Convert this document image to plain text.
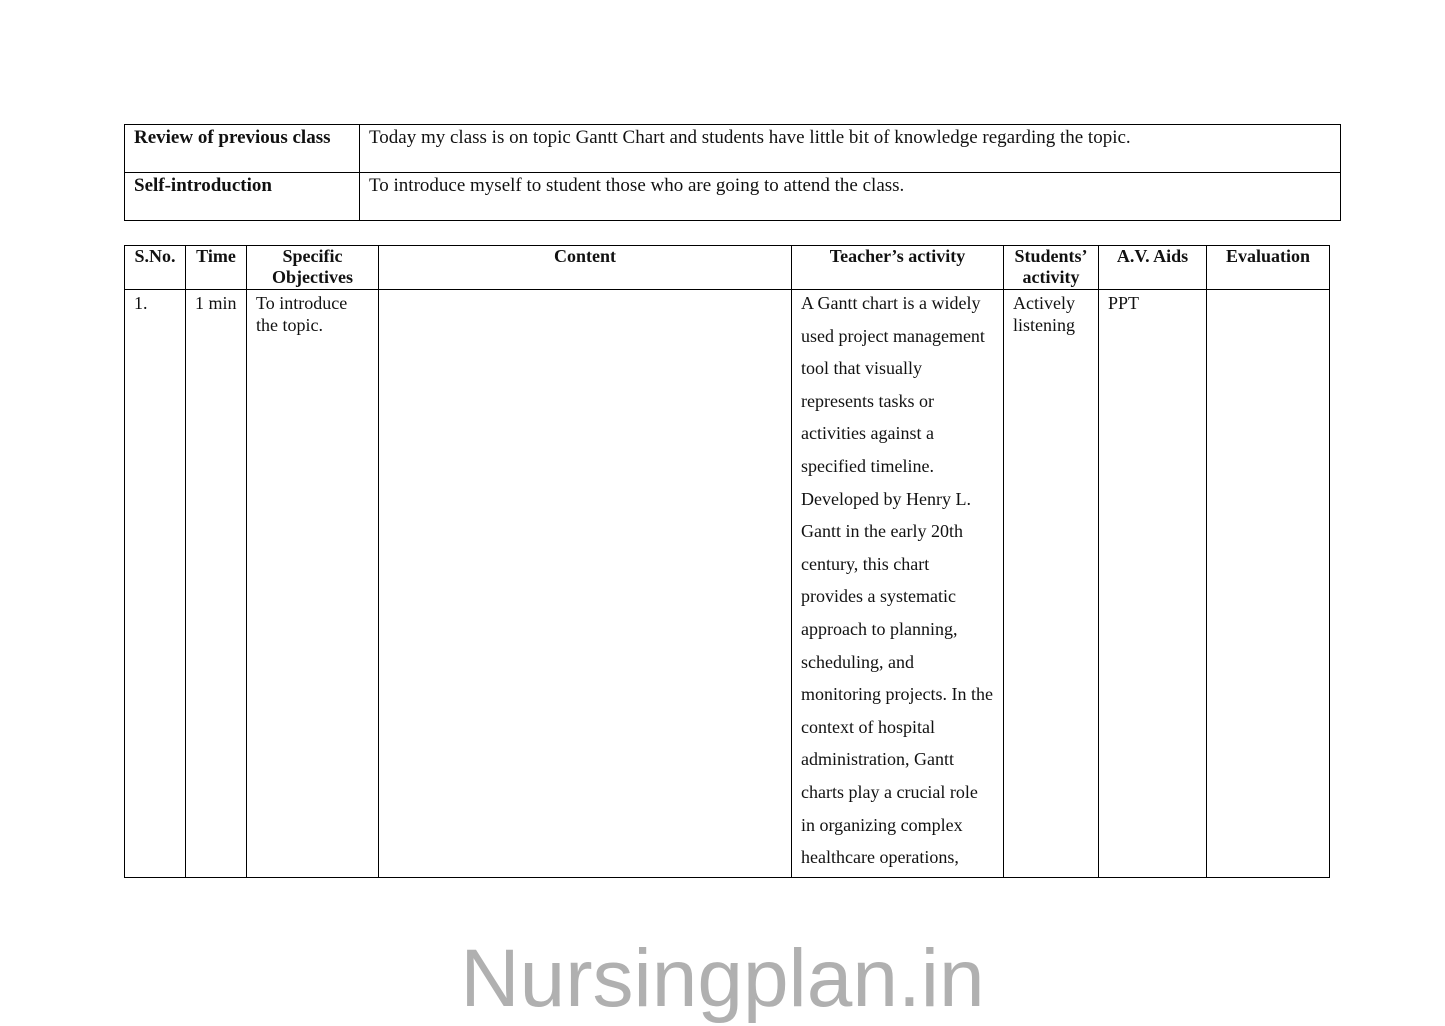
Review of previous class	Today my class is on topic Gantt Chart and students have little bit of knowledge regarding the topic.
Self-introduction	To introduce myself to student those who are going to attend the class.
S.No.	Time	Specific Objectives	Content	Teacher’s activity	Students’ activity	A.V. Aids	Evaluation
1.	1 min	To introduce the topic.		A Gantt chart is a widely used project management tool that visually represents tasks or activities against a specified timeline. Developed by Henry L. Gantt in the early 20th century, this chart provides a systematic approach to planning, scheduling, and monitoring projects. In the context of hospital administration, Gantt charts play a crucial role in organizing complex healthcare operations,	Actively listening	PPT	
Nursingplan.in
